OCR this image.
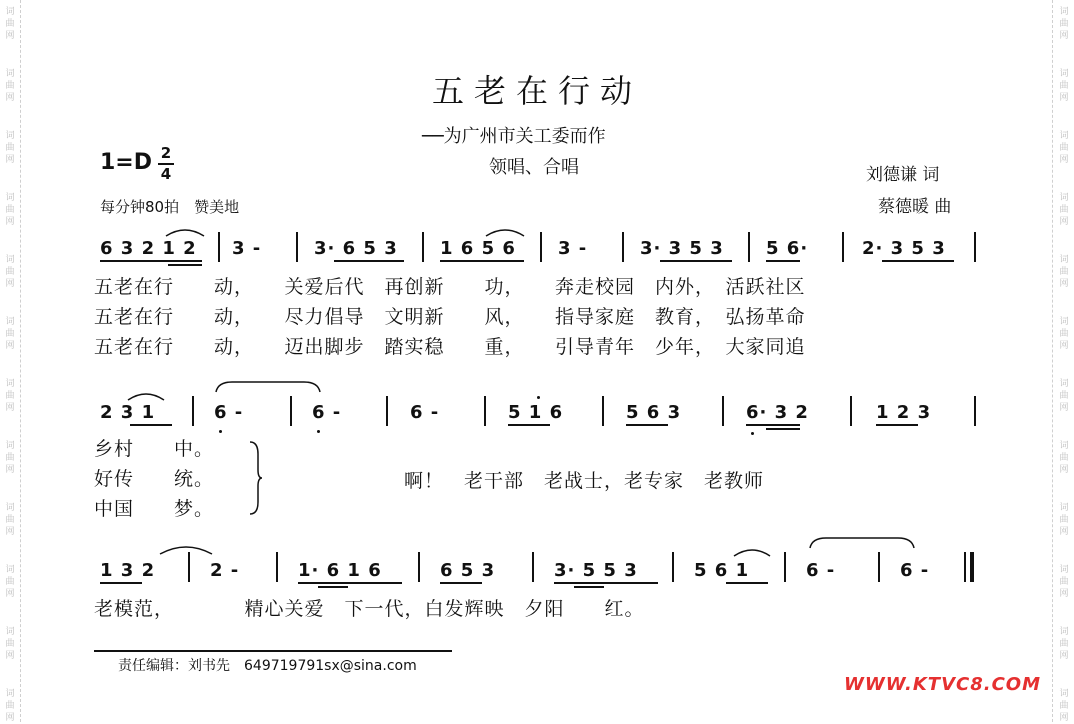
词
曲
网
词
曲
网
词
曲
网
词
曲
网
词
曲
网
词
曲
网
词
曲
网
词
曲
网
词
曲
网
词
曲
网
词
曲
网
词
曲
网
词
曲
网
词
曲
网
词
曲
网
词
曲
网
词
曲
网
词
曲
网
词
曲
网
词
曲
网
词
曲
网
词
曲
网
词
曲
网
词
曲
网
五老在行动
──为广州市关工委而作
领唱、合唱
1=D 2
4
每分钟80拍　赞美地
刘德谦 词
蔡德暖 曲
6 3 2 1 2 3 -	3· 6 5 3 1 6 5 6 3 -	3· 3 5 3 5 6·	2· 3 5 3
五老在行　　动，　　关爱后代　再创新　　功，　　奔走校园　内外，　活跃社区
五老在行　　动，　　尽力倡导　文明新　　风，　　指导家庭　教育，　弘扬革命
五老在行　　动，　　迈出脚步　踏实稳　　重，　　引导青年　少年，　大家同追
2 3 1	6 -	6 -	6 -	5 1 6	5 6 3	6· 3 2	1 2 3
乡村　　中。
好传　　统。
中国　　梦。
啊！　老干部　老战士，老专家　老教师
1 3 2	2 -	1· 6 1 6	6 5 3	3· 5 5 3	5 6 1	6 -	6 -
老模范，　　　　精心关爱　下一代，白发辉映　夕阳　　红。
责任编辑：刘书先　649719791sx@sina.com
WWW.KTVC8.COM
